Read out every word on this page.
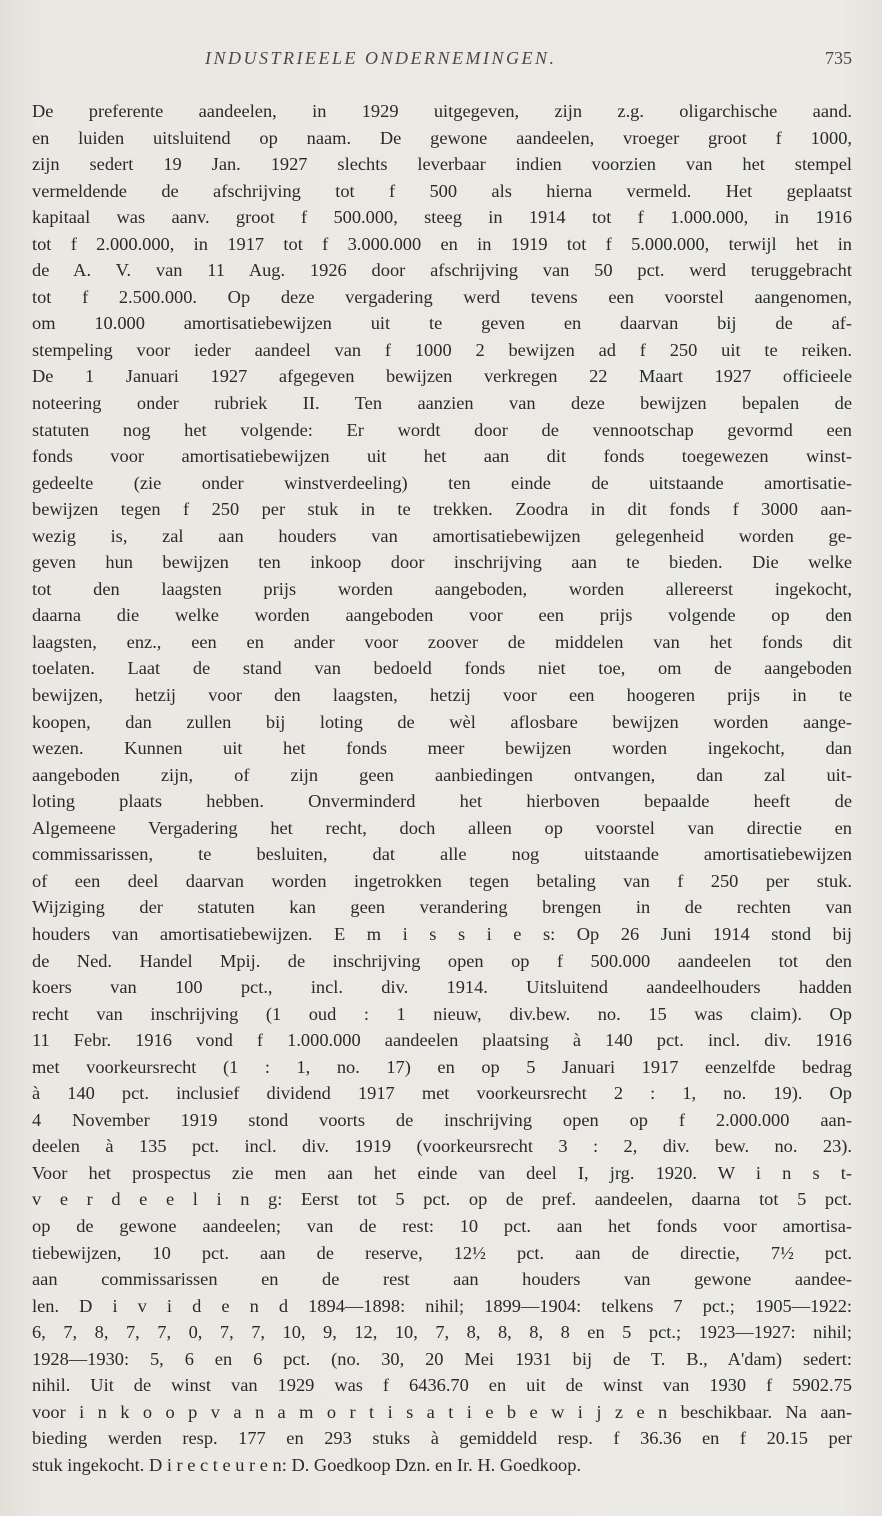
INDUSTRIEELE ONDERNEMINGEN.	735
De preferente aandeelen, in 1929 uitgegeven, zijn z.g. oligarchische aand.
en luiden uitsluitend op naam. De gewone aandeelen, vroeger groot f 1000,
zijn sedert 19 Jan. 1927 slechts leverbaar indien voorzien van het stempel
vermeldende de afschrijving tot f 500 als hierna vermeld. Het geplaatst
kapitaal was aanv. groot f 500.000, steeg in 1914 tot f 1.000.000, in 1916
tot f 2.000.000, in 1917 tot f 3.000.000 en in 1919 tot f 5.000.000, terwijl het in
de A. V. van 11 Aug. 1926 door afschrijving van 50 pct. werd teruggebracht
tot f 2.500.000. Op deze vergadering werd tevens een voorstel aangenomen,
om 10.000 amortisatiebewijzen uit te geven en daarvan bij de af-
stempeling voor ieder aandeel van f 1000 2 bewijzen ad f 250 uit te reiken.
De 1 Januari 1927 afgegeven bewijzen verkregen 22 Maart 1927 officieele
noteering onder rubriek II. Ten aanzien van deze bewijzen bepalen de
statuten nog het volgende: Er wordt door de vennootschap gevormd een
fonds voor amortisatiebewijzen uit het aan dit fonds toegewezen winst-
gedeelte (zie onder winstverdeeling) ten einde de uitstaande amortisatie-
bewijzen tegen f 250 per stuk in te trekken. Zoodra in dit fonds f 3000 aan-
wezig is, zal aan houders van amortisatiebewijzen gelegenheid worden ge-
geven hun bewijzen ten inkoop door inschrijving aan te bieden. Die welke
tot den laagsten prijs worden aangeboden, worden allereerst ingekocht,
daarna die welke worden aangeboden voor een prijs volgende op den
laagsten, enz., een en ander voor zoover de middelen van het fonds dit
toelaten. Laat de stand van bedoeld fonds niet toe, om de aangeboden
bewijzen, hetzij voor den laagsten, hetzij voor een hoogeren prijs in te
koopen, dan zullen bij loting de wèl aflosbare bewijzen worden aange-
wezen. Kunnen uit het fonds meer bewijzen worden ingekocht, dan
aangeboden zijn, of zijn geen aanbiedingen ontvangen, dan zal uit-
loting plaats hebben. Onverminderd het hierboven bepaalde heeft de
Algemeene Vergadering het recht, doch alleen op voorstel van directie en
commissarissen, te besluiten, dat alle nog uitstaande amortisatiebewijzen
of een deel daarvan worden ingetrokken tegen betaling van f 250 per stuk.
Wijziging der statuten kan geen verandering brengen in de rechten van
houders van amortisatiebewijzen. E m i s s i e s: Op 26 Juni 1914 stond bij
de Ned. Handel Mpij. de inschrijving open op f 500.000 aandeelen tot den
koers van 100 pct., incl. div. 1914. Uitsluitend aandeelhouders hadden
recht van inschrijving (1 oud : 1 nieuw, div.bew. no. 15 was claim). Op
11 Febr. 1916 vond f 1.000.000 aandeelen plaatsing à 140 pct. incl. div. 1916
met voorkeursrecht (1 : 1, no. 17) en op 5 Januari 1917 eenzelfde bedrag
à 140 pct. inclusief dividend 1917 met voorkeursrecht 2 : 1, no. 19). Op
4 November 1919 stond voorts de inschrijving open op f 2.000.000 aan-
deelen à 135 pct. incl. div. 1919 (voorkeursrecht 3 : 2, div. bew. no. 23).
Voor het prospectus zie men aan het einde van deel I, jrg. 1920. W i n s t-
v e r d e e l i n g: Eerst tot 5 pct. op de pref. aandeelen, daarna tot 5 pct.
op de gewone aandeelen; van de rest: 10 pct. aan het fonds voor amortisa-
tiebewijzen, 10 pct. aan de reserve, 12½ pct. aan de directie, 7½ pct.
aan commissarissen en de rest aan houders van gewone aandee-
len. D i v i d e n d 1894—1898: nihil; 1899—1904: telkens 7 pct.; 1905—1922:
6, 7, 8, 7, 7, 0, 7, 7, 10, 9, 12, 10, 7, 8, 8, 8, 8 en 5 pct.; 1923—1927: nihil;
1928—1930: 5, 6 en 6 pct. (no. 30, 20 Mei 1931 bij de T. B., A'dam) sedert:
nihil. Uit de winst van 1929 was f 6436.70 en uit de winst van 1930 f 5902.75
voor i n k o o p v a n a m o r t i s a t i e b e w i j z e n beschikbaar. Na aan-
bieding werden resp. 177 en 293 stuks à gemiddeld resp. f 36.36 en f 20.15 per
stuk ingekocht. D i r e c t e u r e n: D. Goedkoop Dzn. en Ir. H. Goedkoop.
